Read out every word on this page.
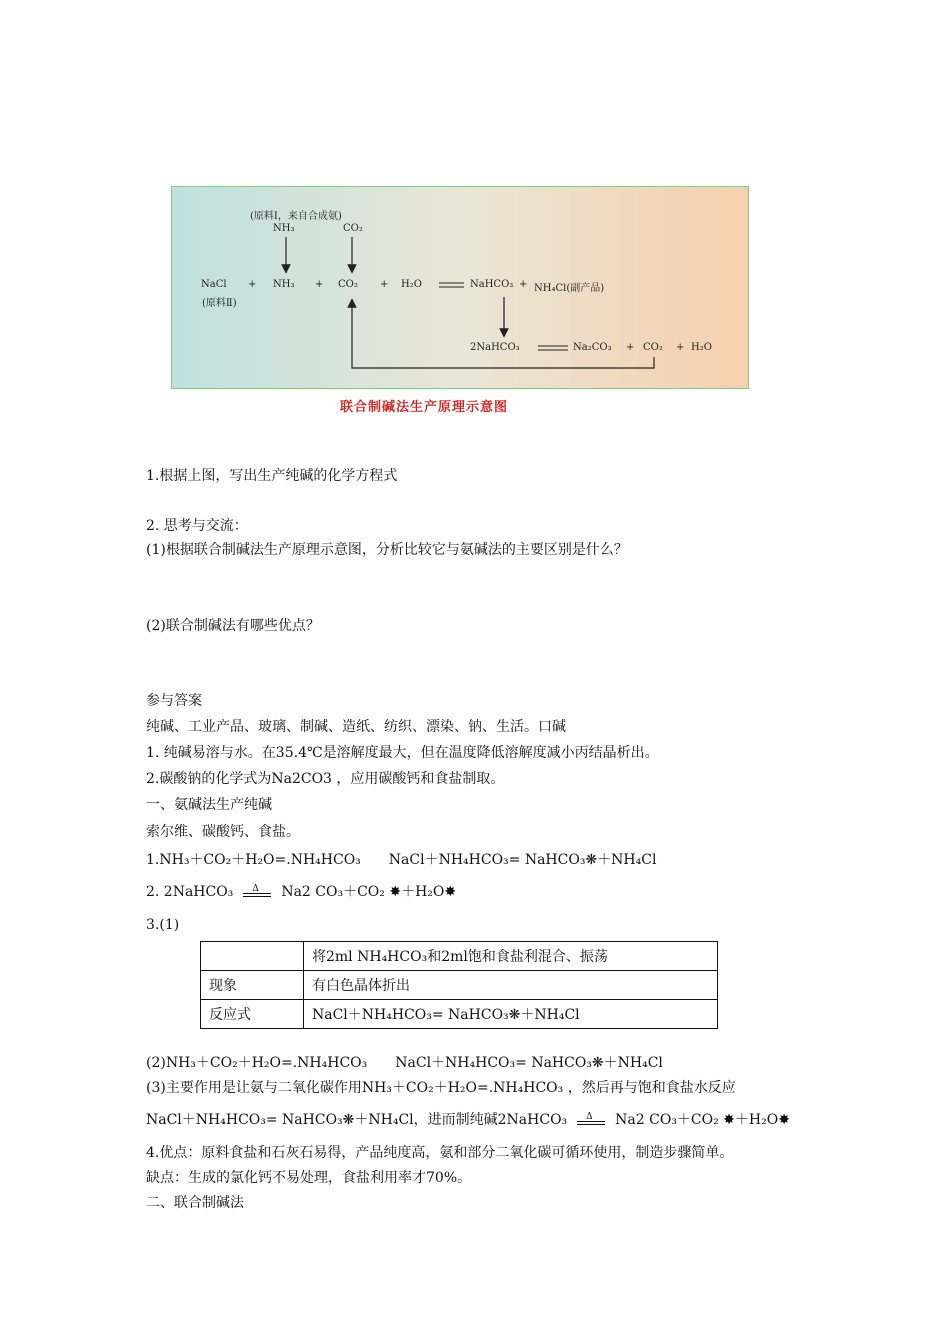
(原料Ⅰ，来自合成氨)
NH₃	CO₂
NaCl + NH₃ + CO₂ + H₂O	NaHCO₃ + NH₄Cl(副产品)
(原料Ⅱ)
2NaHCO₃	Na₂CO₃ + CO₂ + H₂O
联合制碱法生产原理示意图
1.根据上图，写出生产纯碱的化学方程式
2. 思考与交流：
(1)根据联合制碱法生产原理示意图，分析比较它与氨碱法的主要区别是什么？
(2)联合制碱法有哪些优点？
参与答案
纯碱、工业产品、玻璃、制碱、造纸、纺织、漂染、钠、生活。口碱
1. 纯碱易溶与水。在35.4℃是溶解度最大，但在温度降低溶解度减小丙结晶析出。
2.碳酸钠的化学式为Na2CO3 ，应用碳酸钙和食盐制取。
一、氨碱法生产纯碱
索尔维、碳酸钙、食盐。
1.NH₃＋CO₂＋H₂O=.NH₄HCO₃　　NaCl＋NH₄HCO₃= NaHCO₃❋＋NH₄Cl
2. 2NaHCO₃ Δ Na2 CO₃＋CO₂ ✸＋H₂O✸
3.(1)
	将2ml NH₄HCO₃和2ml饱和食盐利混合、振荡
现象	有白色晶体折出
反应式	NaCl＋NH₄HCO₃= NaHCO₃❋＋NH₄Cl
(2)NH₃＋CO₂＋H₂O=.NH₄HCO₃　　NaCl＋NH₄HCO₃= NaHCO₃❋＋NH₄Cl
(3)主要作用是让氨与二氧化碳作用NH₃＋CO₂＋H₂O=.NH₄HCO₃ ，然后再与饱和食盐水反应
NaCl＋NH₄HCO₃= NaHCO₃❋＋NH₄Cl，进而制纯碱2NaHCO₃ Δ Na2 CO₃＋CO₂ ✸＋H₂O✸
4.优点：原料食盐和石灰石易得，产品纯度高，氨和部分二氧化碳可循环使用，制造步骤简单。
缺点：生成的氯化钙不易处理，食盐利用率才70%。
二、联合制碱法
